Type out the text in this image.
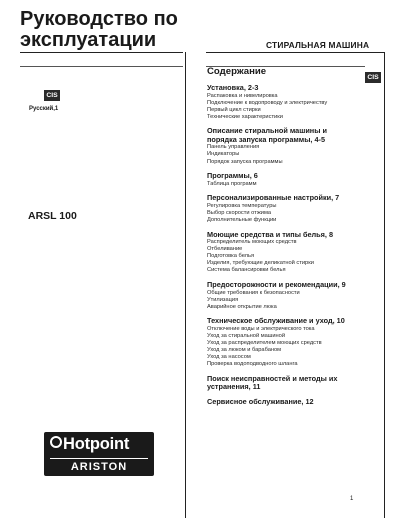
Руководство по
эксплуатации	СТИРАЛЬНАЯ МАШИНА
CIS
Русский,1
ARSL 100
CIS
Содержание
Установка, 2-3
Распаковка и нивелировка
Подключение к водопроводу и электричеству
Первый цикл стирки
Технические характеристики
Описание стиральной машины и
порядка запуска программы, 4-5
Панель управления
Индикаторы
Порядок запуска программы
Программы, 6
Таблица программ
Персонализированные настройки, 7
Регулировка температуры
Выбор скорости отжима
Дополнительные функции
Моющие средства и типы белья, 8
Распределитель моющих средств
Отбеливание
Подготовка белья
Изделия, требующие деликатной стирки
Система балансировки белья
Предосторожности и рекомендации, 9
Общие требования к безопасности
Утилизация
Аварийное открытие люка
Техническое обслуживание и уход, 10
Отключение воды и электрического тока
Уход за стиральной машиной
Уход за распределителем моющих средств
Уход за люком и барабаном
Уход за насосом
Проверка водоподводного шланга
Поиск неисправностей и методы их
устранения, 11
Сервисное обслуживание, 12
Hotpoint
ARISTON
1
